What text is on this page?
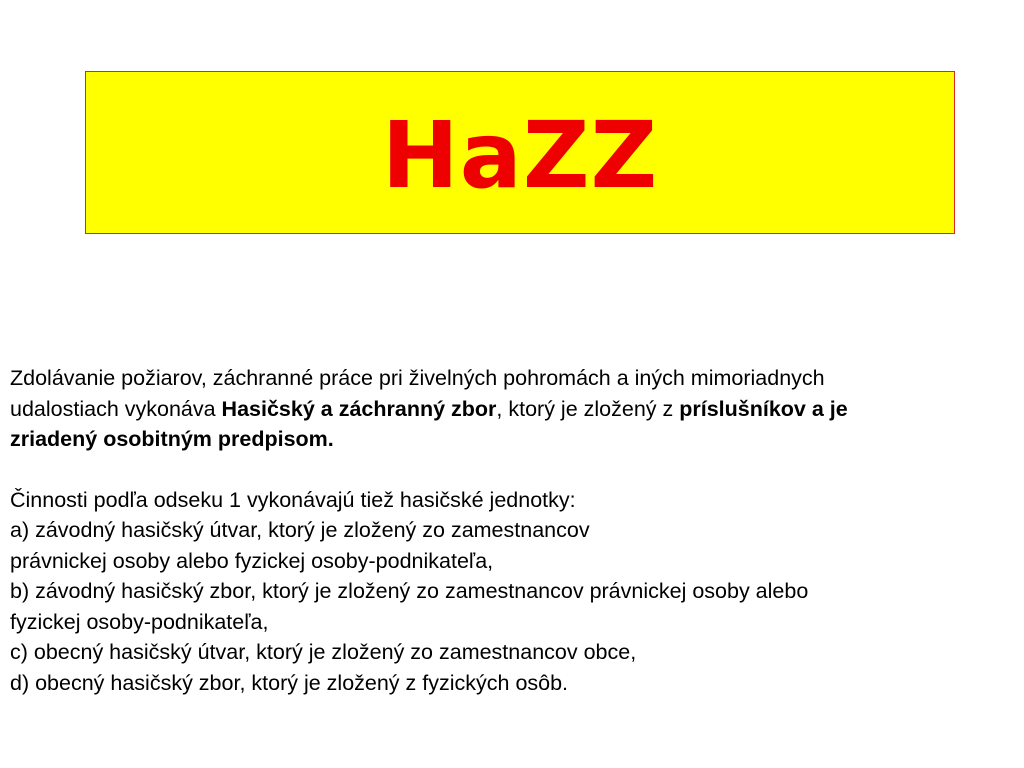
HaZZ

Zdolávanie požiarov, záchranné práce pri živelných pohromách a iných mimoriadnych
udalostiach vykonáva Hasičský a záchranný zbor, ktorý je zložený z príslušníkov a je
zriadený osobitným predpisom.

Činnosti podľa odseku 1 vykonávajú tiež hasičské jednotky:
a) závodný hasičský útvar, ktorý je zložený zo zamestnancov
právnickej osoby alebo fyzickej osoby-podnikateľa,
b) závodný hasičský zbor, ktorý je zložený zo zamestnancov právnickej osoby alebo
fyzickej osoby-podnikateľa,
c) obecný hasičský útvar, ktorý je zložený zo zamestnancov obce,
d) obecný hasičský zbor, ktorý je zložený z fyzických osôb.
